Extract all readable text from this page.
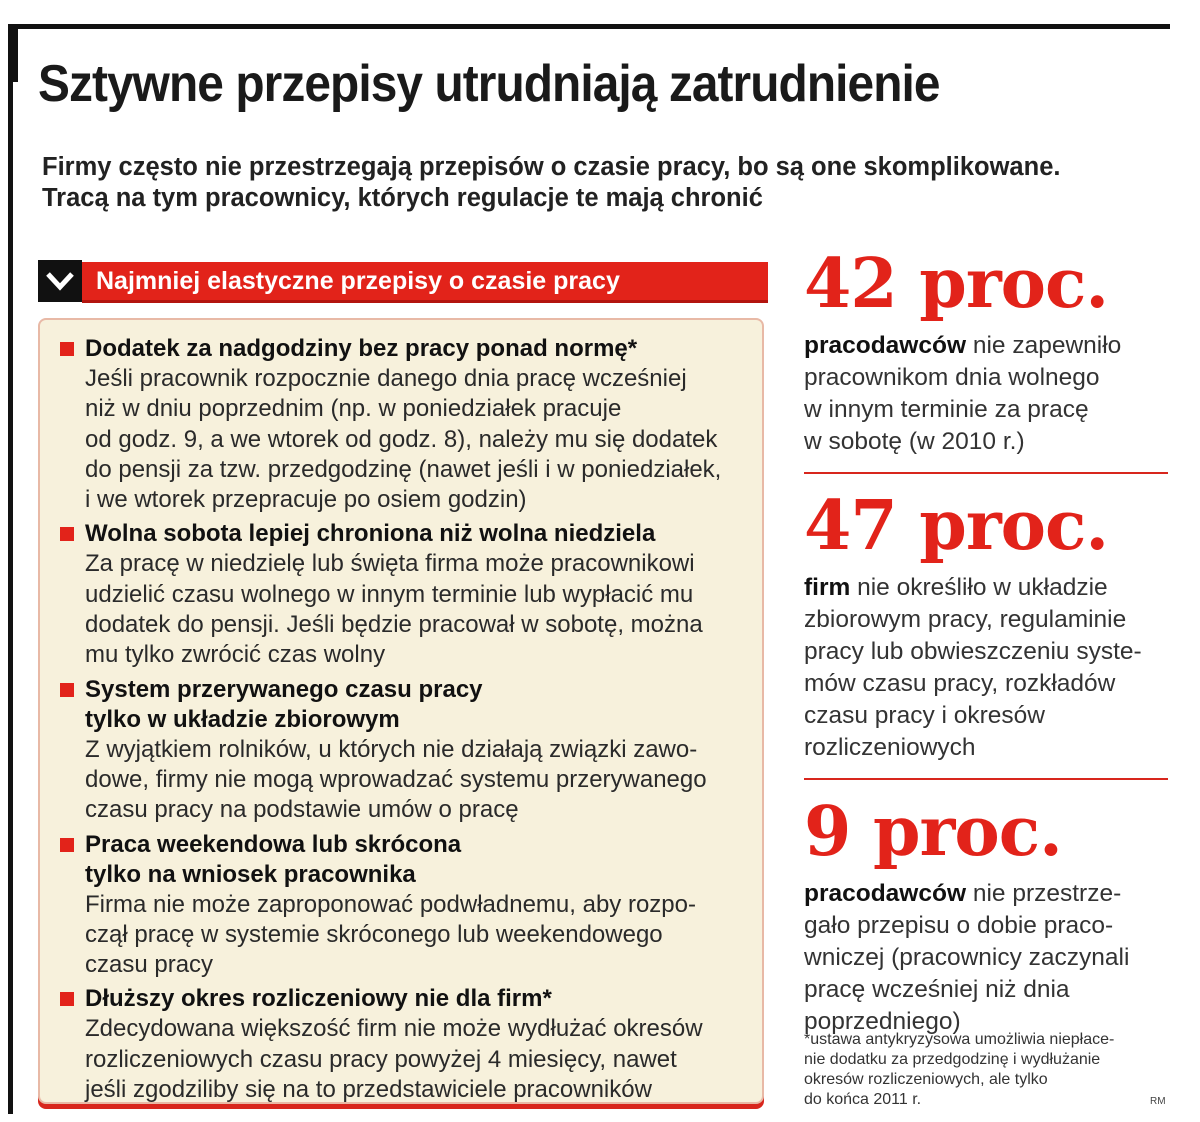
Sztywne przepisy utrudniają zatrudnienie
Firmy często nie przestrzegają przepisów o czasie pracy, bo są one skomplikowane.
Tracą na tym pracownicy, których regulacje te mają chronić
Najmniej elastyczne przepisy o czasie pracy
Dodatek za nadgodziny bez pracy ponad normę*
Jeśli pracownik rozpocznie danego dnia pracę wcześniej
niż w dniu poprzednim (np. w poniedziałek pracuje
od godz. 9, a we wtorek od godz. 8), należy mu się dodatek
do pensji za tzw. przedgodzinę (nawet jeśli i w poniedziałek,
i we wtorek przepracuje po osiem godzin)
Wolna sobota lepiej chroniona niż wolna niedziela
Za pracę w niedzielę lub święta firma może pracownikowi
udzielić czasu wolnego w innym terminie lub wypłacić mu
dodatek do pensji. Jeśli będzie pracował w sobotę, można
mu tylko zwrócić czas wolny
System przerywanego czasu pracy
tylko w układzie zbiorowym
Z wyjątkiem rolników, u których nie działają związki zawo-
dowe, firmy nie mogą wprowadzać systemu przerywanego
czasu pracy na podstawie umów o pracę
Praca weekendowa lub skrócona
tylko na wniosek pracownika
Firma nie może zaproponować podwładnemu, aby rozpo-
czął pracę w systemie skróconego lub weekendowego
czasu pracy
Dłuższy okres rozliczeniowy nie dla firm*
Zdecydowana większość firm nie może wydłużać okresów
rozliczeniowych czasu pracy powyżej 4 miesięcy, nawet
jeśli zgodziliby się na to przedstawiciele pracowników
42 proc.
pracodawców nie zapewniło
pracownikom dnia wolnego
w innym terminie za pracę
w sobotę (w 2010 r.)
47 proc.
firm nie określiło w układzie
zbiorowym pracy, regulaminie
pracy lub obwieszczeniu syste-
mów czasu pracy, rozkładów
czasu pracy i okresów
rozliczeniowych
9 proc.
pracodawców nie przestrze-
gało przepisu o dobie praco-
wniczej (pracownicy zaczynali
pracę wcześniej niż dnia
poprzedniego)
*ustawa antykryzysowa umożliwia niepłace-
nie dodatku za przedgodzinę i wydłużanie
okresów rozliczeniowych, ale tylko
do końca 2011 r.	RM
